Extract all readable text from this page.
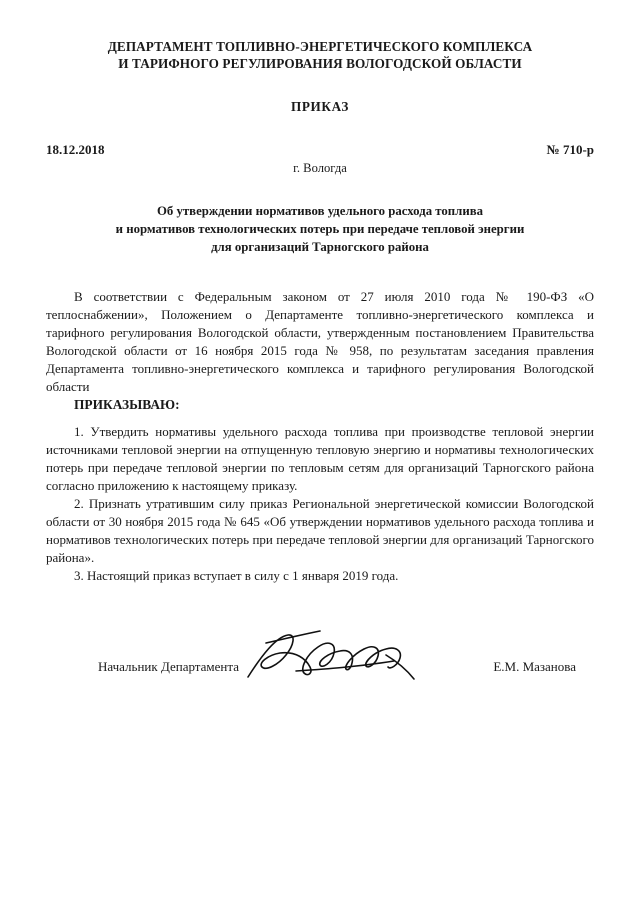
ДЕПАРТАМЕНТ ТОПЛИВНО-ЭНЕРГЕТИЧЕСКОГО КОМПЛЕКСА
И ТАРИФНОГО РЕГУЛИРОВАНИЯ ВОЛОГОДСКОЙ ОБЛАСТИ
ПРИКАЗ
18.12.2018	№ 710-р
г. Вологда
Об утверждении нормативов удельного расхода топлива
и нормативов технологических потерь при передаче тепловой энергии
для организаций Тарногского района

В соответствии с Федеральным законом от 27 июля 2010 года № 190-ФЗ «О теплоснабжении», Положением о Департаменте топливно-энергетического комплекса и тарифного регулирования Вологодской области, утвержденным постановлением Правительства Вологодской области от 16 ноября 2015 года № 958, по результатам заседания правления Департамента топливно-энергетического комплекса и тарифного регулирования Вологодской области

ПРИКАЗЫВАЮ:

1. Утвердить нормативы удельного расхода топлива при производстве тепловой энергии источниками тепловой энергии на отпущенную тепловую энергию и нормативы технологических потерь при передаче тепловой энергии по тепловым сетям для организаций Тарногского района согласно приложению к настоящему приказу.

2. Признать утратившим силу приказ Региональной энергетической комиссии Вологодской области от 30 ноября 2015 года № 645 «Об утверждении нормативов удельного расхода топлива и нормативов технологических потерь при передаче тепловой энергии для организаций Тарногского района».

3. Настоящий приказ вступает в силу с 1 января 2019 года.

Начальник Департамента	Е.М. Мазанова
